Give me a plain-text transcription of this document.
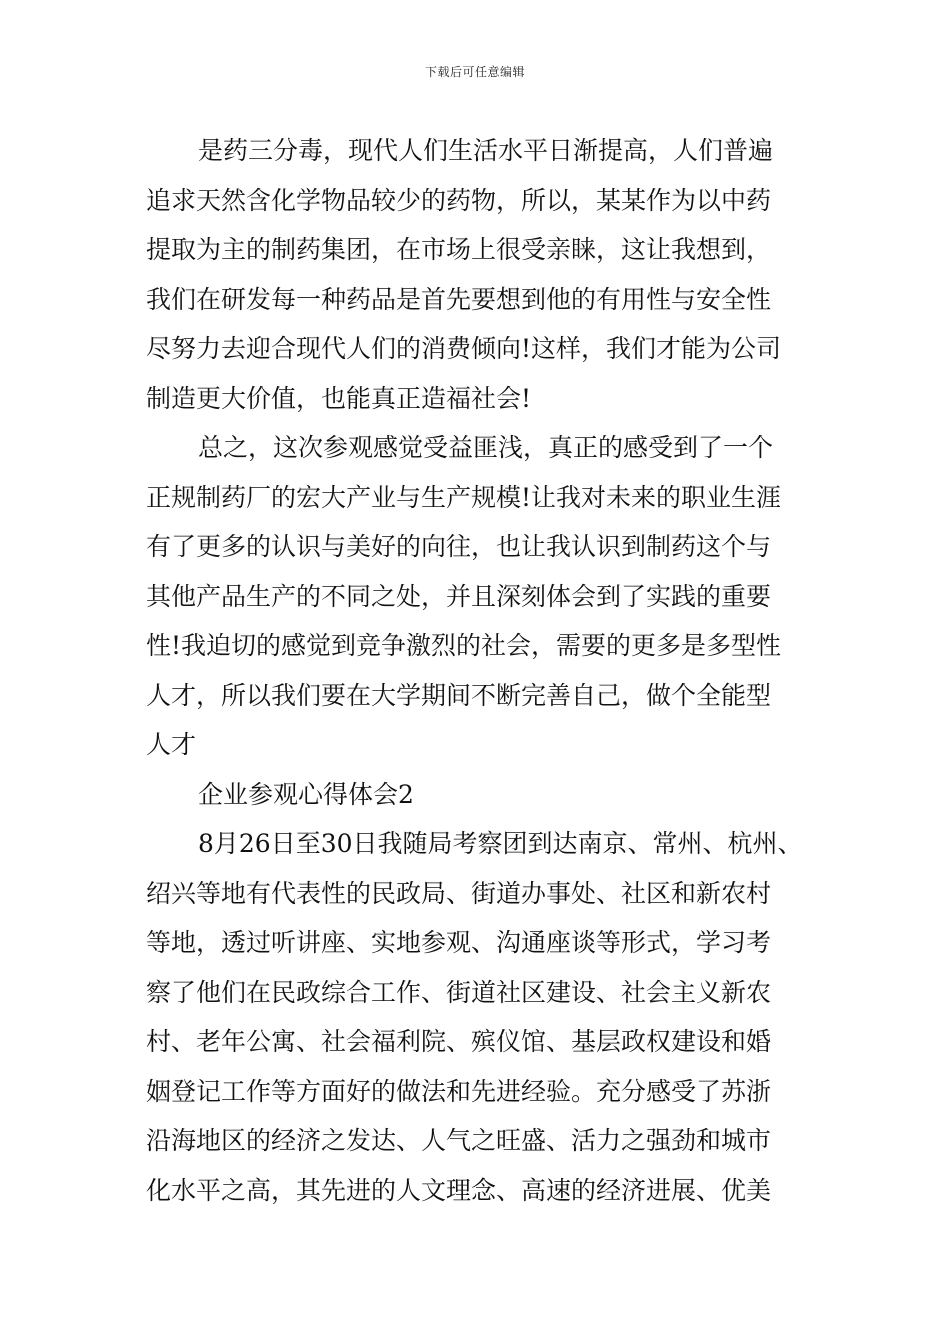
下载后可任意编辑
是药三分毒，现代人们生活水平日渐提高，人们普遍
追求天然含化学物品较少的药物，所以，某某作为以中药
提取为主的制药集团，在市场上很受亲睐，这让我想到，
我们在研发每一种药品是首先要想到他的有用性与安全性
尽努力去迎合现代人们的消费倾向!这样，我们才能为公司
制造更大价值，也能真正造福社会!
总之，这次参观感觉受益匪浅，真正的感受到了一个
正规制药厂的宏大产业与生产规模!让我对未来的职业生涯
有了更多的认识与美好的向往，也让我认识到制药这个与
其他产品生产的不同之处，并且深刻体会到了实践的重要
性!我迫切的感觉到竞争激烈的社会，需要的更多是多型性
人才，所以我们要在大学期间不断完善自己，做个全能型
人才
企业参观心得体会2
8月26日至30日我随局考察团到达南京、常州、杭州、
绍兴等地有代表性的民政局、街道办事处、社区和新农村
等地，透过听讲座、实地参观、沟通座谈等形式，学习考
察了他们在民政综合工作、街道社区建设、社会主义新农
村、老年公寓、社会福利院、殡仪馆、基层政权建设和婚
姻登记工作等方面好的做法和先进经验。充分感受了苏浙
沿海地区的经济之发达、人气之旺盛、活力之强劲和城市
化水平之高，其先进的人文理念、高速的经济进展、优美
